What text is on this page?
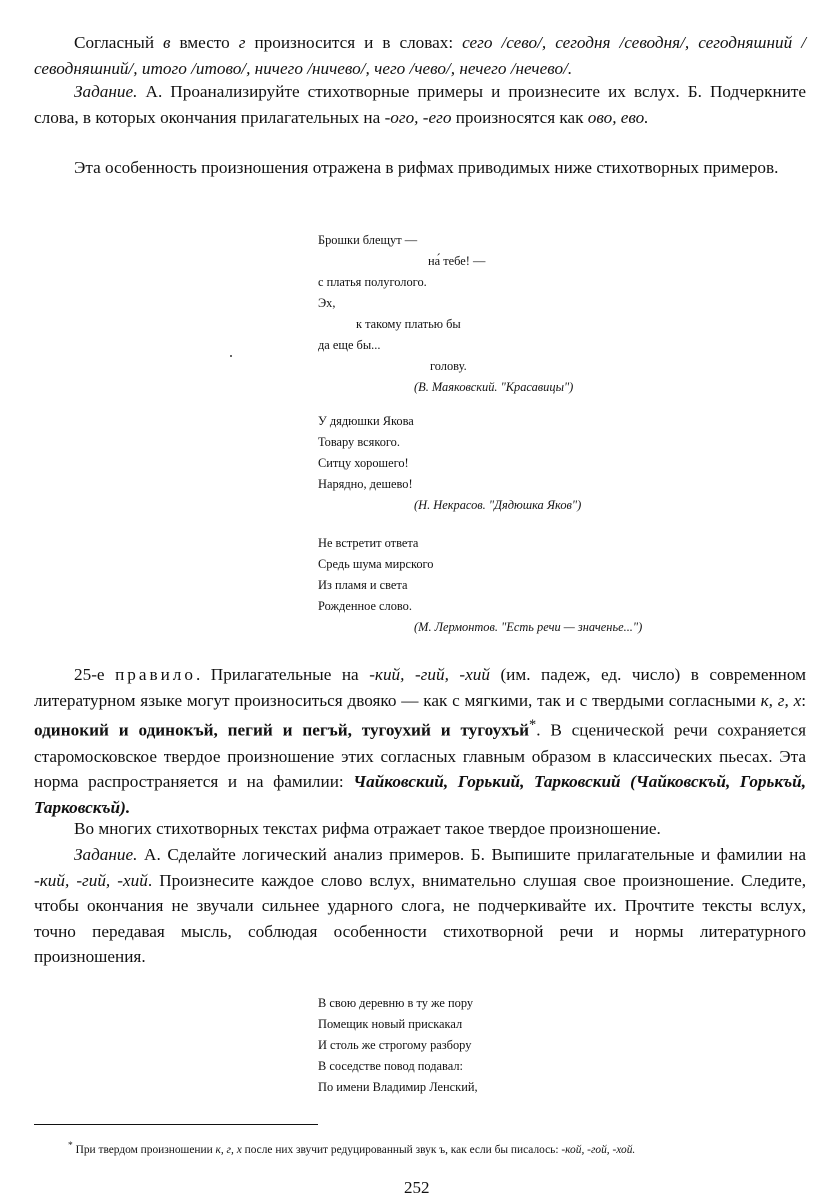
Согласный в вместо г произносится и в словах: сего /сево/, сегодня /севодня/, сегодняшний /севодняшний/, итого /итово/, ничего /ничево/, чего /чево/, нечего /нечево/.

Задание. А. Проанализируйте стихотворные примеры и произнесите их вслух. Б. Подчеркните слова, в которых окончания прилагательных на -ого, -его произносятся как ово, ево.

Эта особенность произношения отражена в рифмах приводимых ниже стихотворных примеров.

Брошки блещут —
на́ тебе! —
с платья полуголого.
Эх,
к такому платью бы
да еще бы...
голову.
(В. Маяковский. "Красавицы")
У дядюшки Якова
Товару всякого.
Ситцу хорошего!
Нарядно, дешево!
(Н. Некрасов. "Дядюшка Яков")
Не встретит ответа
Средь шума мирского
Из пламя и света
Рожденное слово.
(М. Лермонтов. "Есть речи — значенье...")

25-е правило. Прилагательные на -кий, -гий, -хий (им. падеж, ед. число) в современном литературном языке могут произноситься двояко — как с мягкими, так и с твердыми согласными к, г, х: одинокий и одинокъй, пегий и пегъй, тугоухий и тугоухъй*. В сценической речи сохраняется старомосковское твердое произношение этих согласных главным образом в классических пьесах. Эта норма распространяется и на фамилии: Чайковский, Горький, Тарковский (Чайковскъй, Горькъй, Тарковскъй).

Во многих стихотворных текстах рифма отражает такое твердое произношение.

Задание. А. Сделайте логический анализ примеров. Б. Выпишите прилагательные и фамилии на -кий, -гий, -хий. Произнесите каждое слово вслух, внимательно слушая свое произношение. Следите, чтобы окончания не звучали сильнее ударного слога, не подчеркивайте их. Прочтите тексты вслух, точно передавая мысль, соблюдая особенности стихотворной речи и нормы литературного произношения.

В свою деревню в ту же пору
Помещик новый прискакал
И столь же строгому разбору
В соседстве повод подавал:
По имени Владимир Ленский,

* При твердом произношении к, г, х после них звучит редуцированный звук ъ, как если бы писалось: -кой, -гой, -хой.

252
